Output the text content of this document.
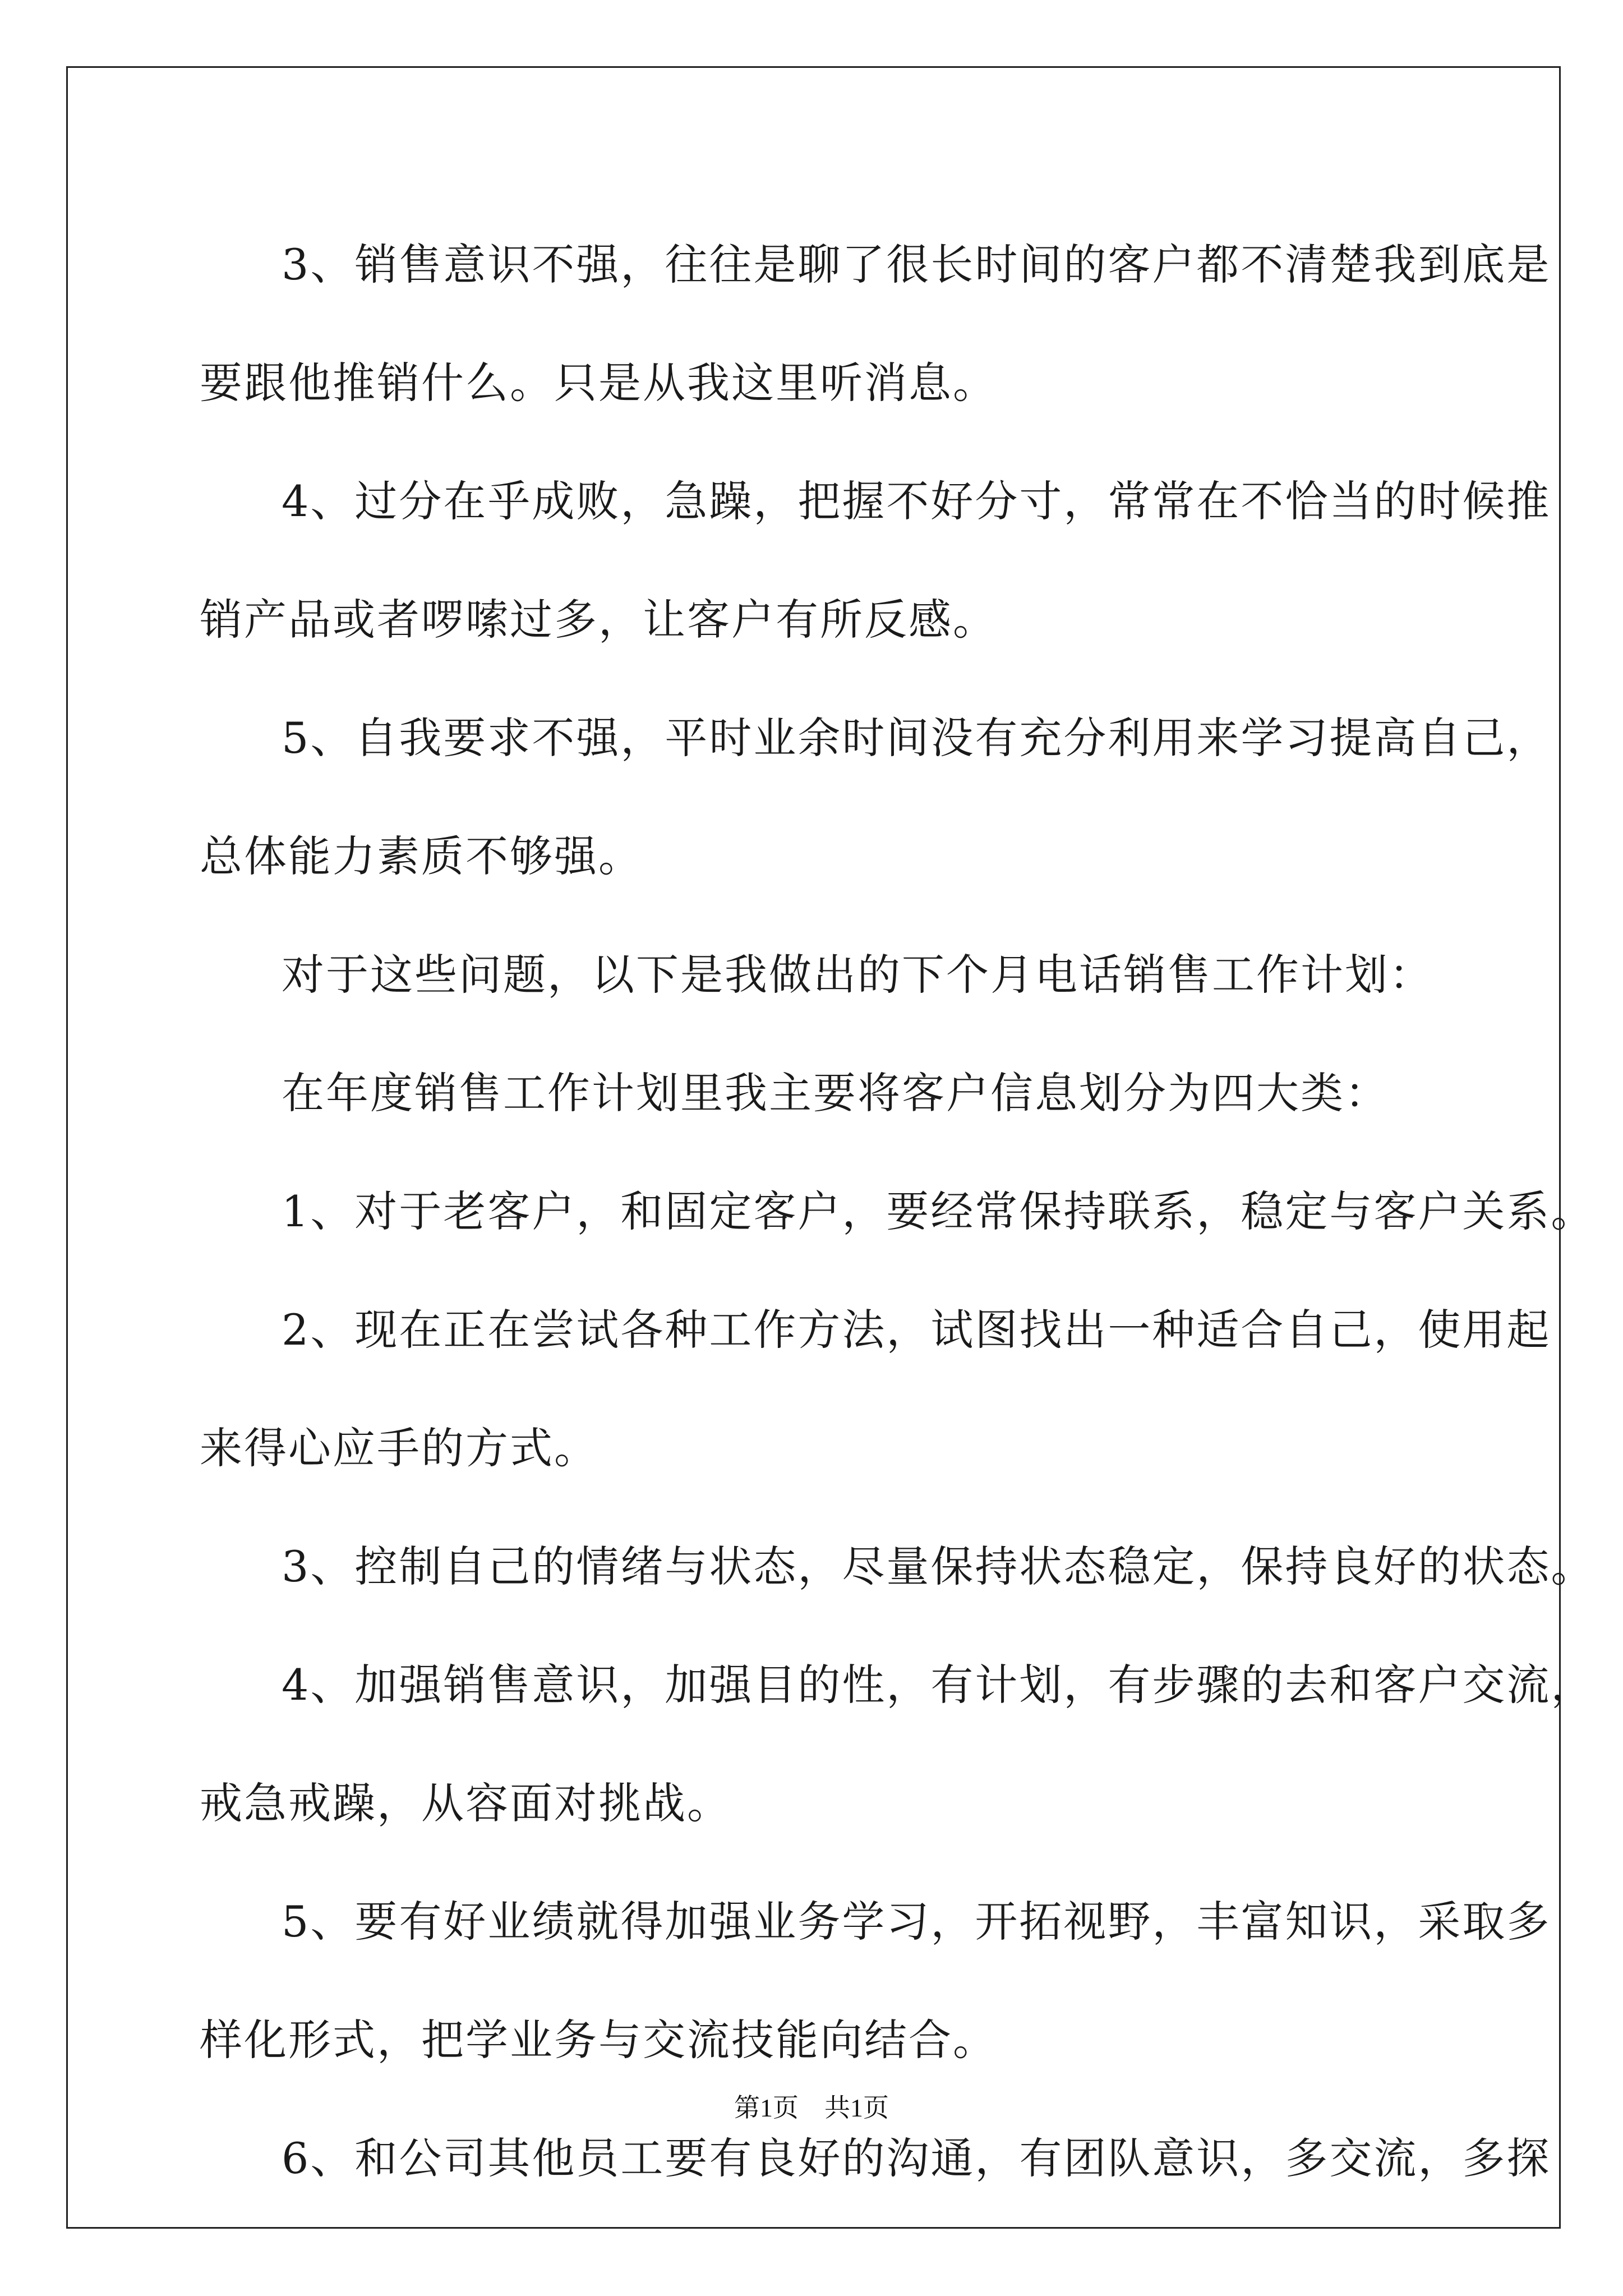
3、销售意识不强，往往是聊了很长时间的客户都不清楚我到底是

要跟他推销什么。只是从我这里听消息。

4、过分在乎成败，急躁，把握不好分寸，常常在不恰当的时候推

销产品或者啰嗦过多，让客户有所反感。

5、自我要求不强，平时业余时间没有充分利用来学习提高自己，

总体能力素质不够强。

对于这些问题，以下是我做出的下个月电话销售工作计划：

在年度销售工作计划里我主要将客户信息划分为四大类：

1、对于老客户，和固定客户，要经常保持联系，稳定与客户关系。

2、现在正在尝试各种工作方法，试图找出一种适合自己，使用起

来得心应手的方式。

3、控制自己的情绪与状态，尽量保持状态稳定，保持良好的状态。

4、加强销售意识，加强目的性，有计划，有步骤的去和客户交流，

戒急戒躁，从容面对挑战。

5、要有好业绩就得加强业务学习，开拓视野，丰富知识，采取多

样化形式，把学业务与交流技能向结合。

6、和公司其他员工要有良好的沟通，有团队意识，多交流，多探

第1页　共1页
